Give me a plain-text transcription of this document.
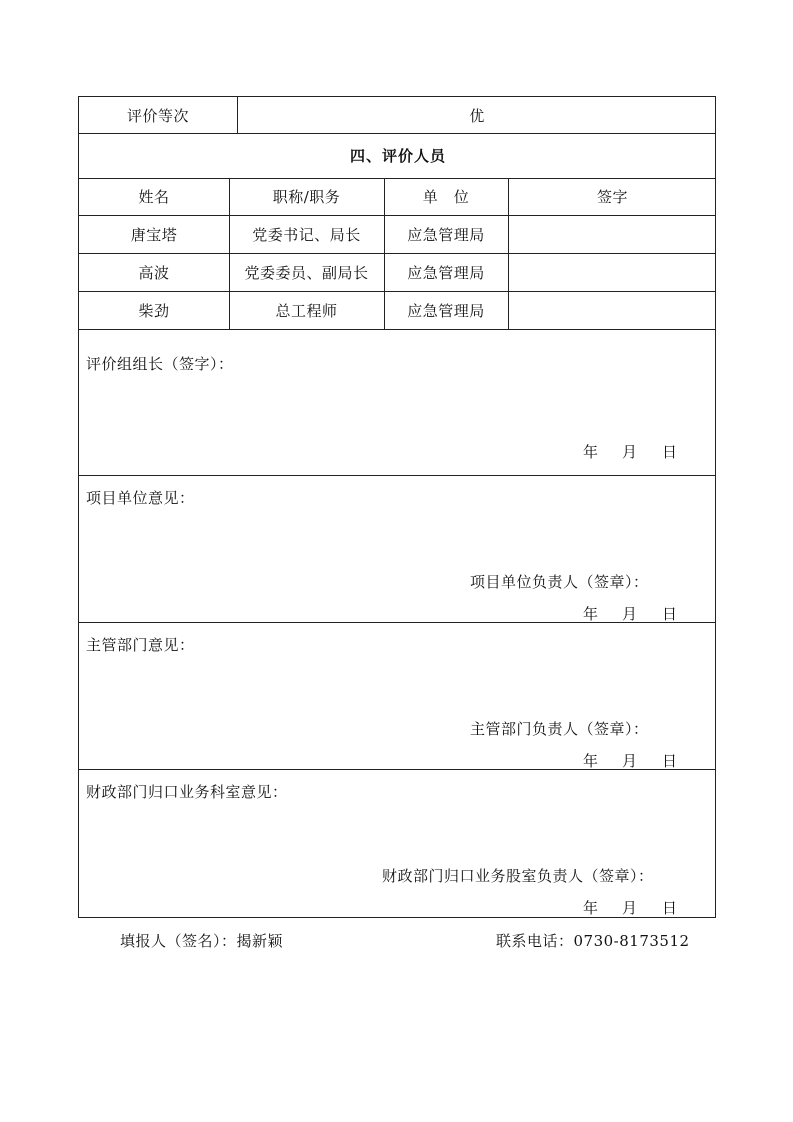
评价等次	优
四、评价人员
姓名	职称/职务	单　位	签字
唐宝塔	党委书记、局长	应急管理局
高波	党委委员、副局长	应急管理局
柴劲	总工程师	应急管理局
评价组组长（签字）：
年 月 日
项目单位意见：
项目单位负责人（签章）：
年 月 日
主管部门意见：
主管部门负责人（签章）：
年 月 日
财政部门归口业务科室意见：
财政部门归口业务股室负责人（签章）：
年 月 日
填报人（签名）：揭新颖	联系电话：0730-8173512
